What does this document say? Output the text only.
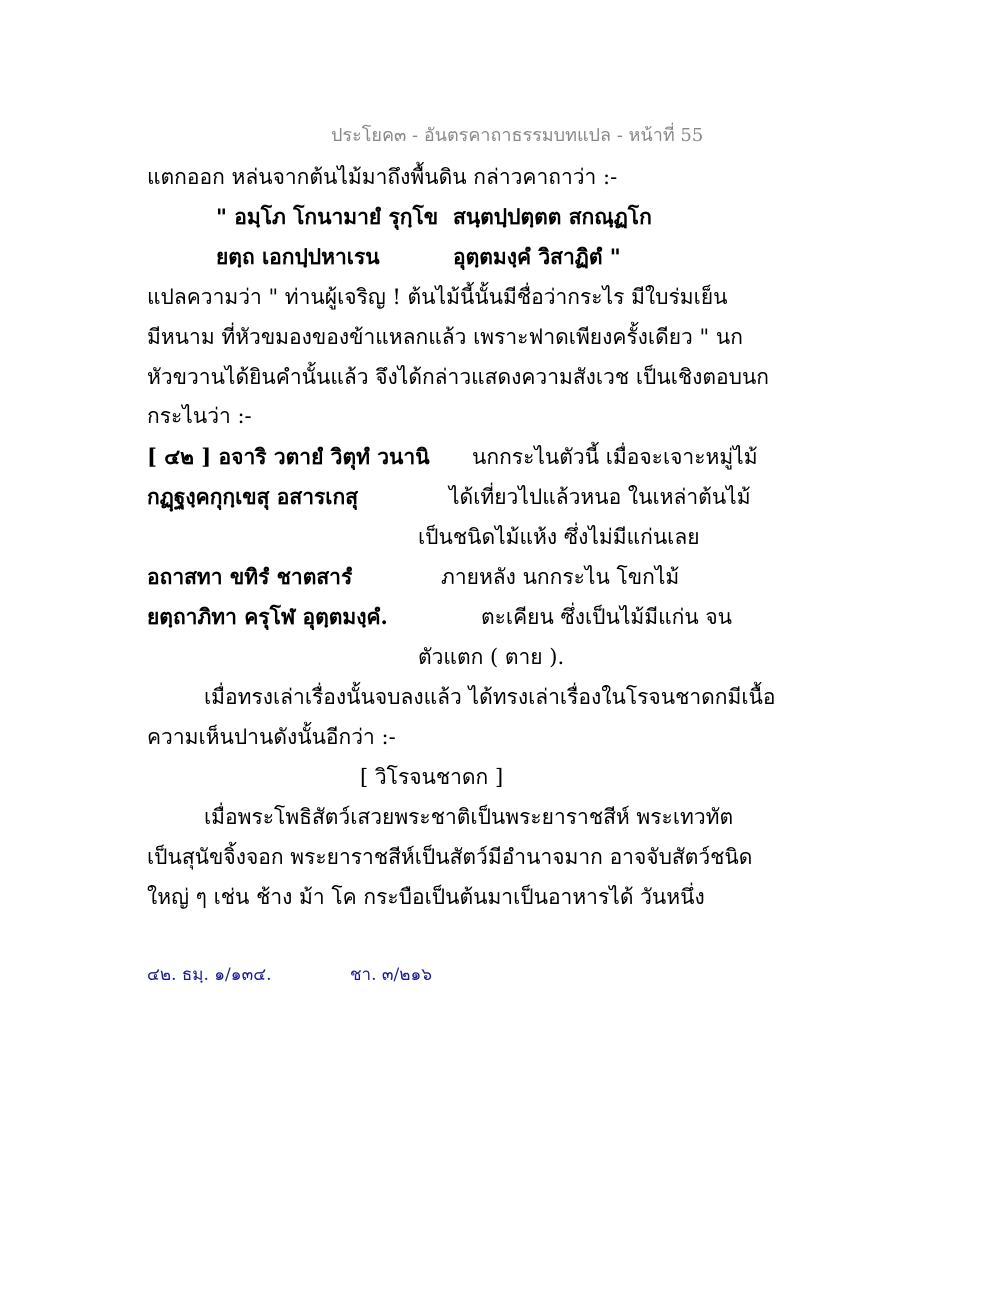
ประโยค๓ - อันตรคาถาธรรมบทแปล - หน้าที่ 55
แตกออก หล่นจากต้นไม้มาถึงพื้นดิน กล่าวคาถาว่า :-
" อมฺโภ โกนามายํ รุกฺโข สนฺตปฺปตฺตต สกณฺฏโก
ยตฺถ เอกปฺปหาเรน	อุตฺตมงฺคํ วิสาฏิตํ "
แปลความว่า " ท่านผู้เจริญ ! ต้นไม้นี้นั้นมีชื่อว่ากระไร มีใบร่มเย็น
มีหนาม ที่หัวขมองของข้าแหลกแล้ว เพราะฟาดเพียงครั้งเดียว " นก
หัวขวานได้ยินคำนั้นแล้ว จึงได้กล่าวแสดงความสังเวช เป็นเชิงตอบนก
กระไนว่า :-
[ ๔๒ ] อจาริ วตายํ วิตุทํ วนานิ นกกระไนตัวนี้ เมื่อจะเจาะหมู่ไม้
กฏฺฐงฺคกุกฺเขสุ อสารเกสุ	ได้เที่ยวไปแล้วหนอ ในเหล่าต้นไม้
เป็นชนิดไม้แห้ง ซึ่งไม่มีแก่นเลย
อถาสทา ขทิรํ ชาตสารํ	ภายหลัง นกกระไน โขกไม้
ยตฺถาภิทา ครุโฬ อุตฺตมงฺคํ.	ตะเคียน ซึ่งเป็นไม้มีแก่น จน
ตัวแตก ( ตาย ).
เมื่อทรงเล่าเรื่องนั้นจบลงแล้ว ได้ทรงเล่าเรื่องในโรจนชาดกมีเนื้อ
ความเห็นปานดังนั้นอีกว่า :-
[ วิโรจนชาดก ]
เมื่อพระโพธิสัตว์เสวยพระชาติเป็นพระยาราชสีห์ พระเทวทัต
เป็นสุนัขจิ้งจอก พระยาราชสีห์เป็นสัตว์มีอำนาจมาก อาจจับสัตว์ชนิด
ใหญ่ ๆ เช่น ช้าง ม้า โค กระบือเป็นต้นมาเป็นอาหารได้ วันหนึ่ง
๔๒. ธมฺ. ๑/๑๓๔.	ชา. ๓/๒๑๖
